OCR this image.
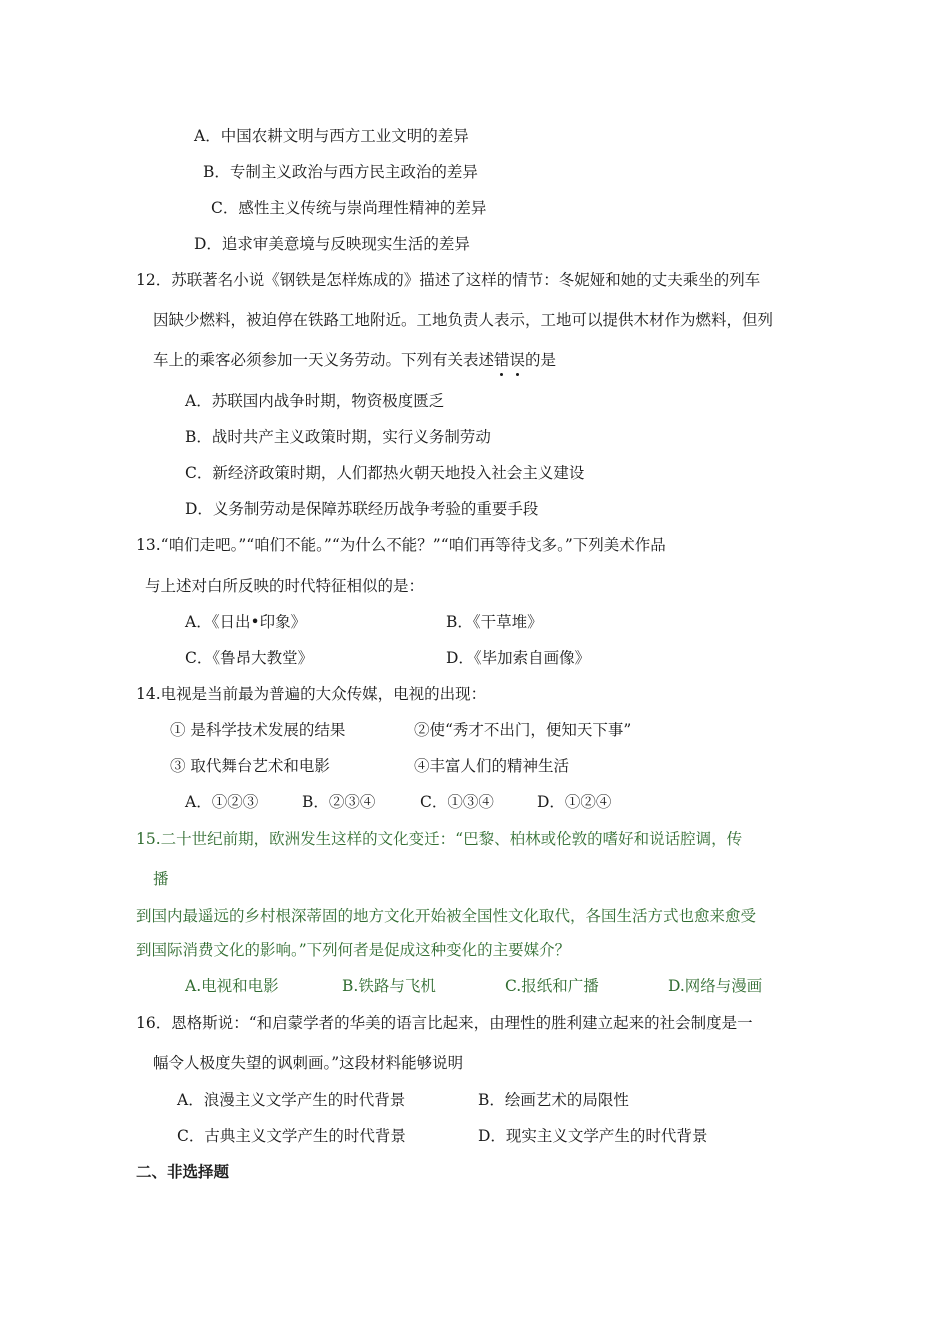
A．中国农耕文明与西方工业文明的差异
B．专制主义政治与西方民主政治的差异
C．感性主义传统与崇尚理性精神的差异
D．追求审美意境与反映现实生活的差异
12．苏联著名小说《钢铁是怎样炼成的》描述了这样的情节：冬妮娅和她的丈夫乘坐的列车
因缺少燃料，被迫停在铁路工地附近。工地负责人表示，工地可以提供木材作为燃料，但列
车上的乘客必须参加一天义务劳动。下列有关表述错误的是
A．苏联国内战争时期，物资极度匮乏
B．战时共产主义政策时期，实行义务制劳动
C．新经济政策时期，人们都热火朝天地投入社会主义建设
D．义务制劳动是保障苏联经历战争考验的重要手段
13.“咱们走吧。”“咱们不能。”“为什么不能？”“咱们再等待戈多。”下列美术作品
与上述对白所反映的时代特征相似的是：
A．《日出•印象》	B．《干草堆》
C．《鲁昂大教堂》	D．《毕加索自画像》
14.电视是当前最为普遍的大众传媒，电视的出现：
① 是科学技术发展的结果	②使“秀才不出门，便知天下事”
③ 取代舞台艺术和电影	④丰富人们的精神生活
A．①②③	B．②③④	C．①③④	D．①②④
15.二十世纪前期，欧洲发生这样的文化变迁：“巴黎、柏林或伦敦的嗜好和说话腔调，传
播
到国内最遥远的乡村根深蒂固的地方文化开始被全国性文化取代，各国生活方式也愈来愈受
到国际消费文化的影响。”下列何者是促成这种变化的主要媒介？
A.电视和电影	B.铁路与飞机	C.报纸和广播	D.网络与漫画
16．恩格斯说：“和启蒙学者的华美的语言比起来，由理性的胜利建立起来的社会制度是一
幅令人极度失望的讽刺画。”这段材料能够说明
A．浪漫主义文学产生的时代背景	B．绘画艺术的局限性
C．古典主义文学产生的时代背景	D．现实主义文学产生的时代背景
二、非选择题
